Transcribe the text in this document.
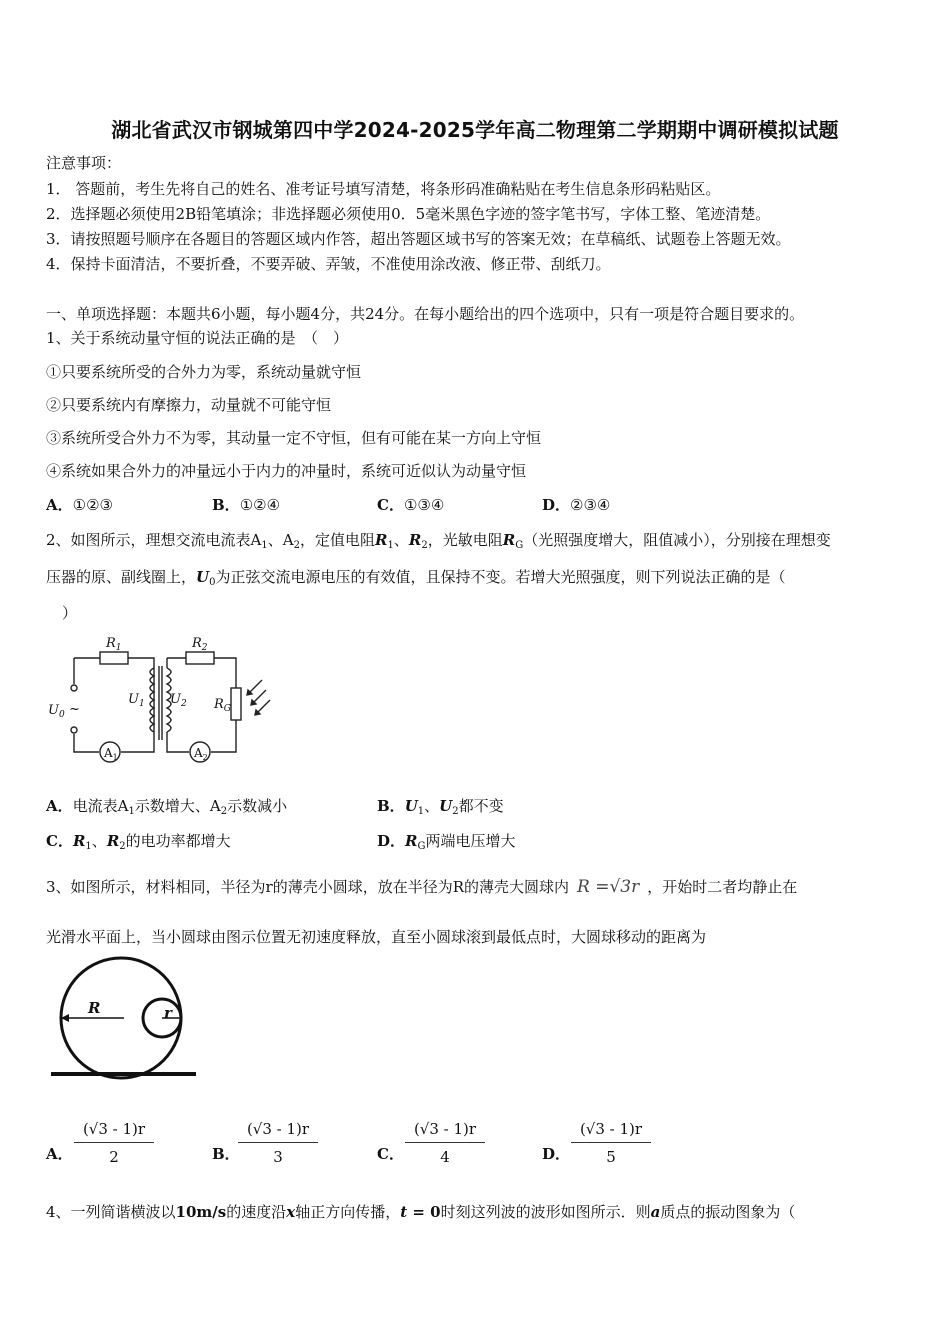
湖北省武汉市钢城第四中学2024-2025学年高二物理第二学期期中调研模拟试题
注意事项：
1． 答题前，考生先将自己的姓名、准考证号填写清楚，将条形码准确粘贴在考生信息条形码粘贴区。
2．选择题必须使用2B铅笔填涂；非选择题必须使用0．5毫米黑色字迹的签字笔书写，字体工整、笔迹清楚。
3．请按照题号顺序在各题目的答题区域内作答，超出答题区域书写的答案无效；在草稿纸、试题卷上答题无效。
4．保持卡面清洁，不要折叠，不要弄破、弄皱，不准使用涂改液、修正带、刮纸刀。
一、单项选择题：本题共6小题，每小题4分，共24分。在每小题给出的四个选项中，只有一项是符合题目要求的。
1、关于系统动量守恒的说法正确的是　（　）
①只要系统所受的合外力为零，系统动量就守恒
②只要系统内有摩擦力，动量就不可能守恒
③系统所受合外力不为零，其动量一定不守恒，但有可能在某一方向上守恒
④系统如果合外力的冲量远小于内力的冲量时，系统可近似认为动量守恒
A．①②③	B．①②④	C．①③④	D．②③④
2、如图所示，理想交流电流表$A_1$、$A_2$，定值电阻$R_1$、$R_2$，光敏电阻$R_G$（光照强度增大，阻值减小），分别接在理想变
压器的原、副线圈上，$U_0$为正弦交流电源电压的有效值，且保持不变。若增大光照强度，则下列说法正确的是（
）
$R_1$	$R_2$
$U_0$ ~
$U_1$ $U_2$ $R_G$
$A_1$	$A_2$
A．电流表$A_1$示数增大、$A_2$示数减小	B．$U_1$、$U_2$都不变
C．$R_1$、$R_2$的电功率都增大	D．$R_G$两端电压增大
3、如图所示，材料相同，半径为r的薄壳小圆球，放在半径为R的薄壳大圆球内 R =√3r ，开始时二者均静止在
光滑水平面上，当小圆球由图示位置无初速度释放，直至小圆球滚到最低点时，大圆球移动的距离为
R	r
A． $\frac{(√3 - 1)r}{2}$	B．
$\frac{(√3 - 1)r}{3}$	C． $\frac{(√3 - 1)r}{4}$	D． $\frac{(√3 - 1)r}{5}$
4、一列简谐横波以10m/s的速度沿x轴正方向传播，t = 0时刻这列波的波形如图所示．则a质点的振动图象为（
